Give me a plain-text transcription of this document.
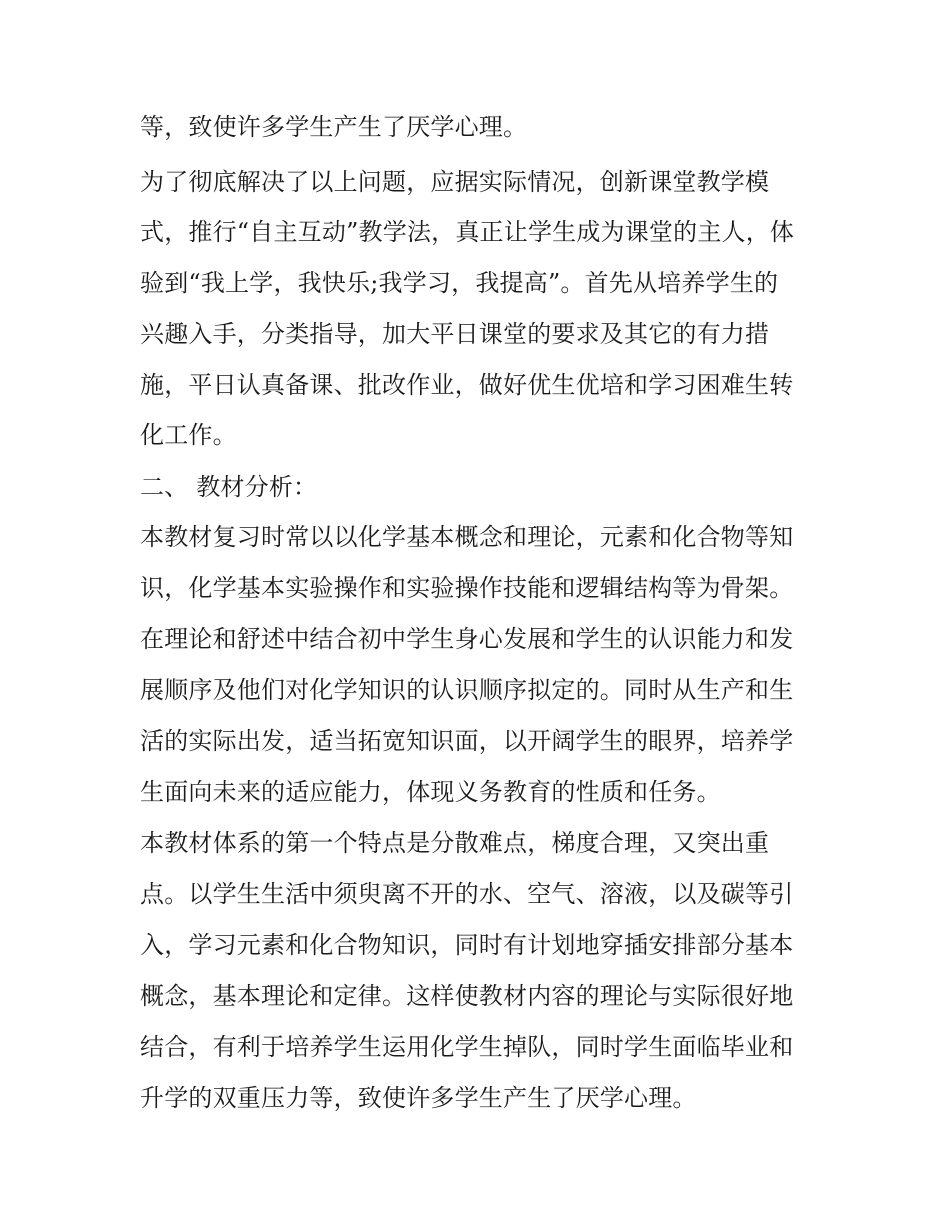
等，致使许多学生产生了厌学心理。
为了彻底解决了以上问题，应据实际情况，创新课堂教学模
式，推行“自主互动”教学法，真正让学生成为课堂的主人，体
验到“我上学，我快乐;我学习，我提高”。首先从培养学生的
兴趣入手，分类指导，加大平日课堂的要求及其它的有力措
施，平日认真备课、批改作业，做好优生优培和学习困难生转
化工作。
二、 教材分析：
本教材复习时常以以化学基本概念和理论，元素和化合物等知
识，化学基本实验操作和实验操作技能和逻辑结构等为骨架。
在理论和舒述中结合初中学生身心发展和学生的认识能力和发
展顺序及他们对化学知识的认识顺序拟定的。同时从生产和生
活的实际出发，适当拓宽知识面，以开阔学生的眼界，培养学
生面向未来的适应能力，体现义务教育的性质和任务。
本教材体系的第一个特点是分散难点，梯度合理，又突出重
点。以学生生活中须臾离不开的水、空气、溶液，以及碳等引
入，学习元素和化合物知识，同时有计划地穿插安排部分基本
概念，基本理论和定律。这样使教材内容的理论与实际很好地
结合，有利于培养学生运用化学生掉队，同时学生面临毕业和
升学的双重压力等，致使许多学生产生了厌学心理。
